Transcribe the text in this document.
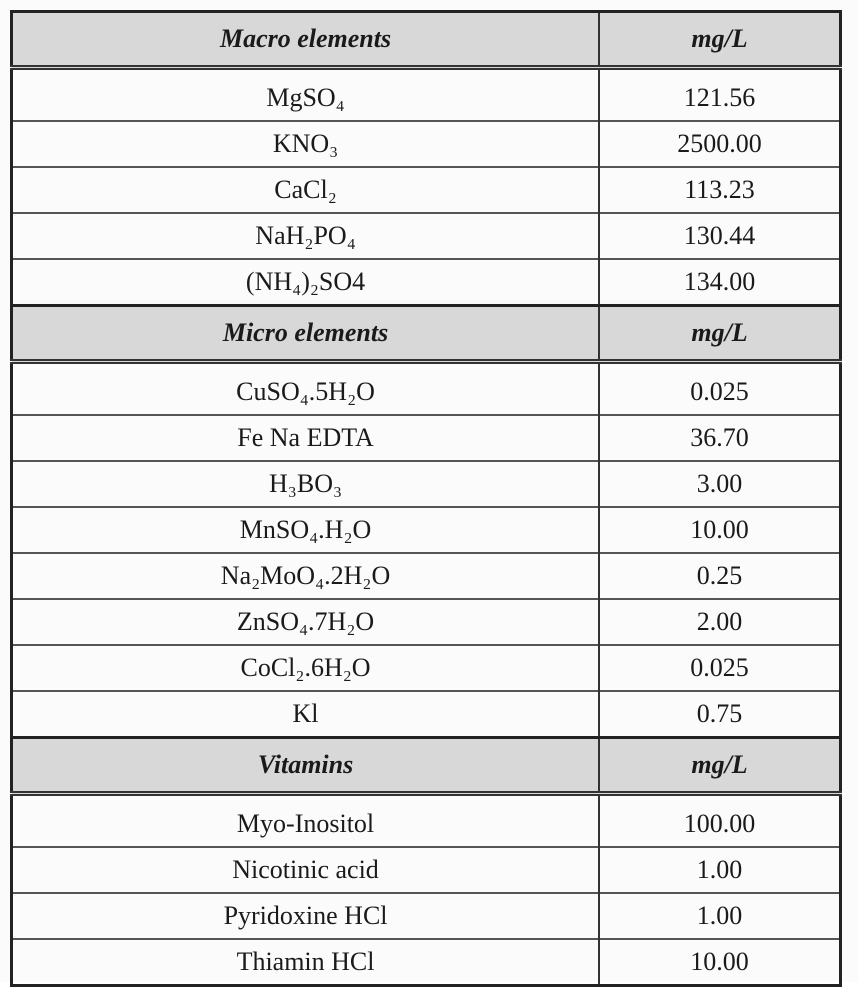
Macro elements	mg/L
MgSO₄	121.56
KNO₃	2500.00
CaCl₂	113.23
NaH₂PO₄	130.44
(NH₄)₂SO4	134.00
Micro elements	mg/L
CuSO₄.5H₂O	0.025
Fe Na EDTA	36.70
H₃BO₃	3.00
MnSO₄.H₂O	10.00
Na₂MoO₄.2H₂O	0.25
ZnSO₄.7H₂O	2.00
CoCl₂.6H₂O	0.025
Kl	0.75
Vitamins	mg/L
Myo-Inositol	100.00
Nicotinic acid	1.00
Pyridoxine HCl	1.00
Thiamin HCl	10.00
